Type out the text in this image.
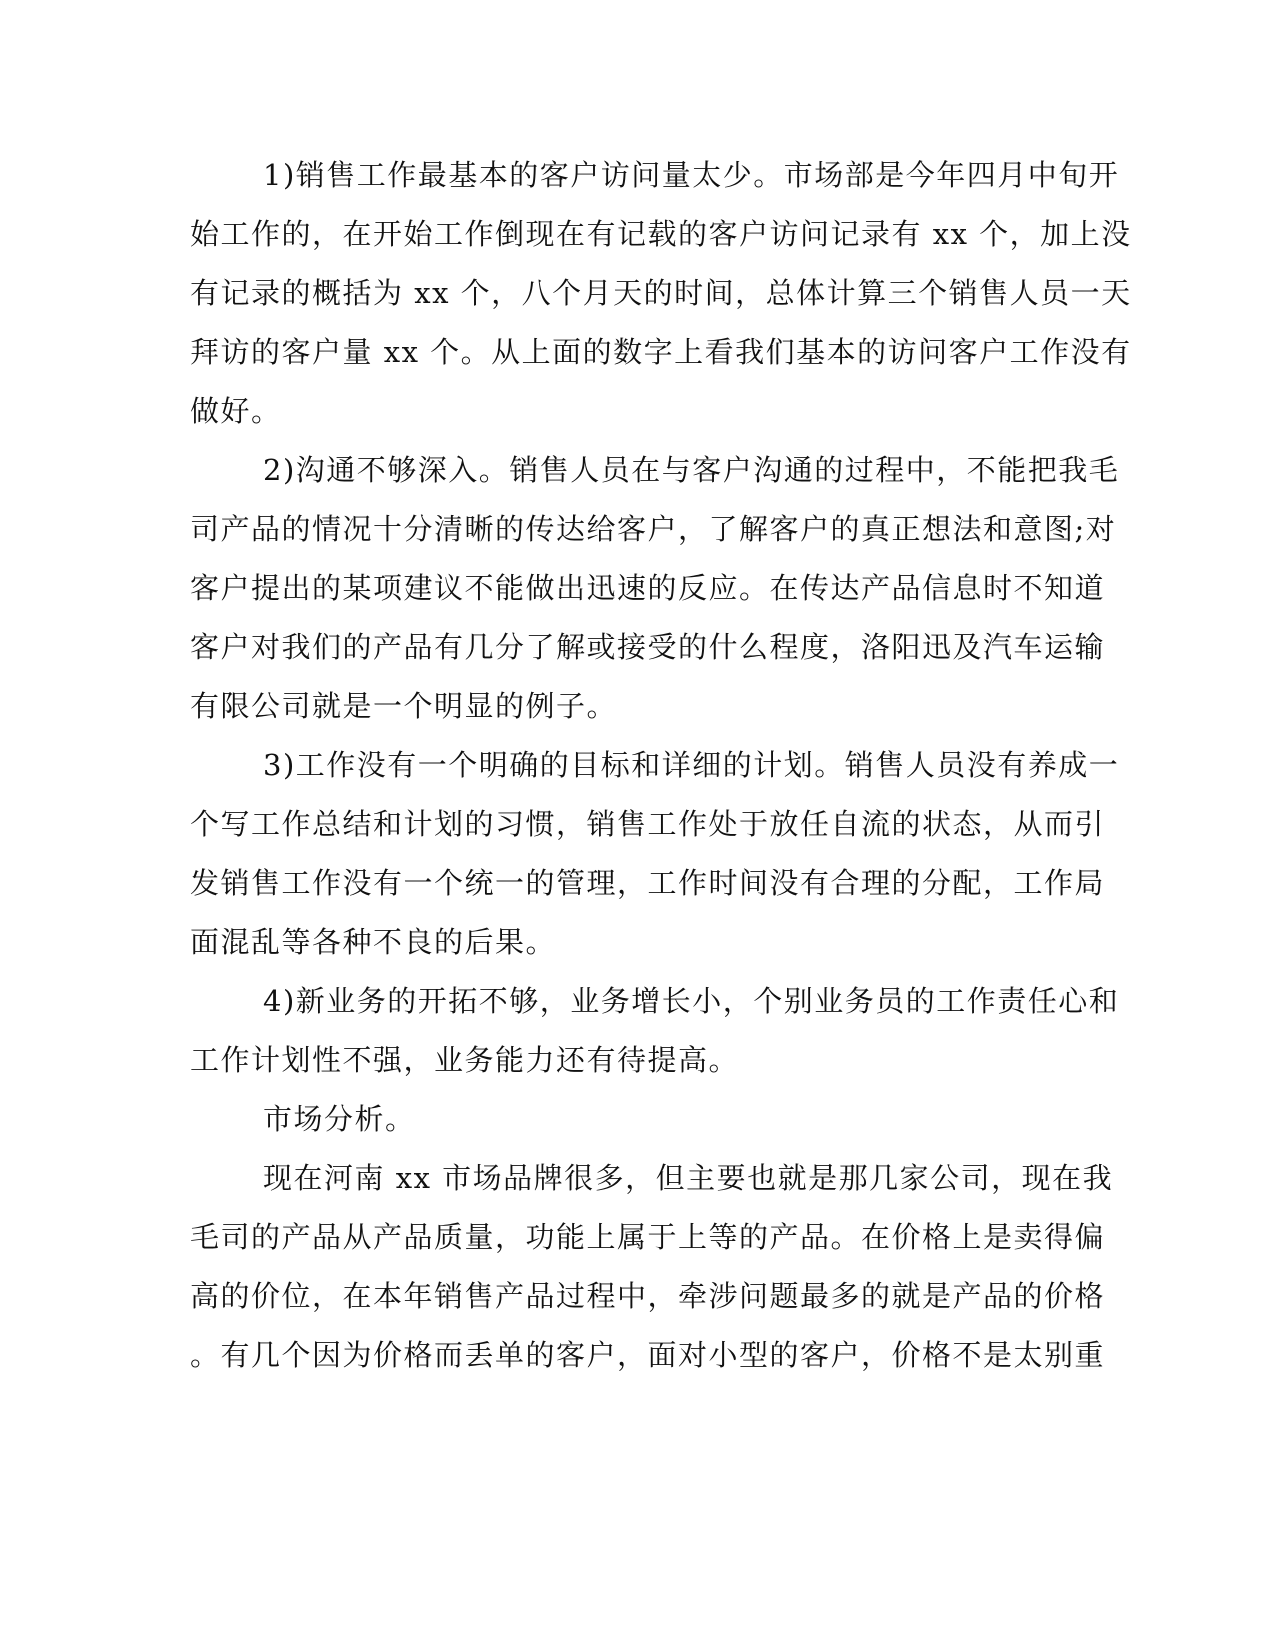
1)销售工作最基本的客户访问量太少。市场部是今年四月中旬开
始工作的，在开始工作倒现在有记载的客户访问记录有 xx 个，加上没
有记录的概括为 xx 个，八个月天的时间，总体计算三个销售人员一天
拜访的客户量 xx 个。从上面的数字上看我们基本的访问客户工作没有
做好。
2)沟通不够深入。销售人员在与客户沟通的过程中，不能把我毛
司产品的情况十分清晰的传达给客户，了解客户的真正想法和意图;对
客户提出的某项建议不能做出迅速的反应。在传达产品信息时不知道
客户对我们的产品有几分了解或接受的什么程度，洛阳迅及汽车运输
有限公司就是一个明显的例子。
3)工作没有一个明确的目标和详细的计划。销售人员没有养成一
个写工作总结和计划的习惯，销售工作处于放任自流的状态，从而引
发销售工作没有一个统一的管理，工作时间没有合理的分配，工作局
面混乱等各种不良的后果。
4)新业务的开拓不够，业务增长小，个别业务员的工作责任心和
工作计划性不强，业务能力还有待提高。
市场分析。
现在河南 xx 市场品牌很多，但主要也就是那几家公司，现在我
毛司的产品从产品质量，功能上属于上等的产品。在价格上是卖得偏
高的价位，在本年销售产品过程中，牵涉问题最多的就是产品的价格
。有几个因为价格而丢单的客户，面对小型的客户，价格不是太别重
